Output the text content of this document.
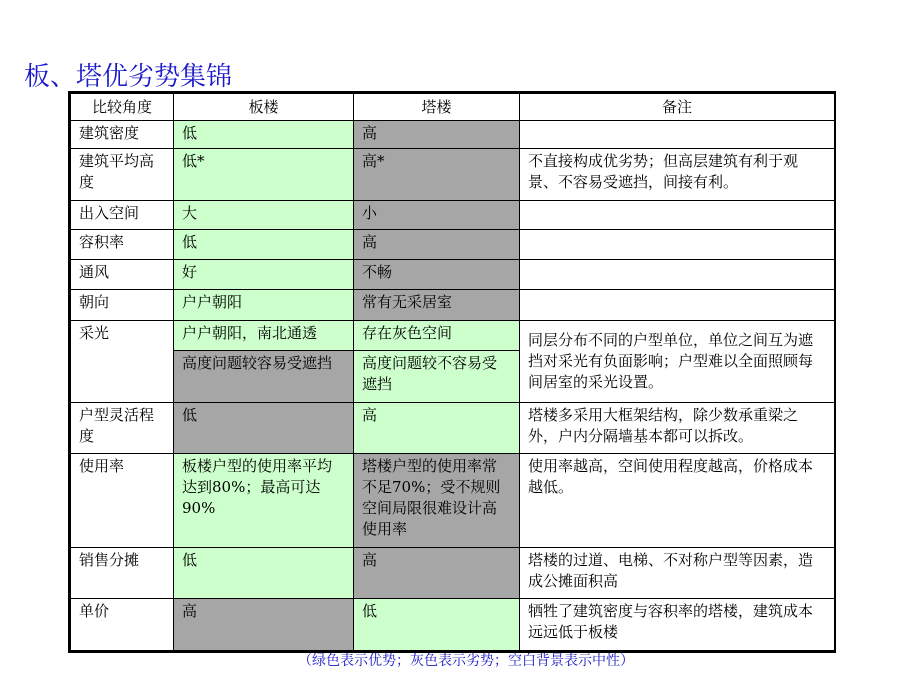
板、塔优劣势集锦
比较角度	板楼	塔楼	备注
建筑密度	低	高	
建筑平均高度	低*	高*	不直接构成优劣势；但高层建筑有利于观景、不容易受遮挡，间接有利。
出入空间	大	小	
容积率	低	高	
通风	好	不畅	
朝向	户户朝阳	常有无采居室	
采光	户户朝阳，南北通透	存在灰色空间	同层分布不同的户型单位，单位之间互为遮挡对采光有负面影响；户型难以全面照顾每间居室的采光设置。
	高度问题较容易受遮挡	高度问题较不容易受遮挡	
户型灵活程度	低	高	塔楼多采用大框架结构，除少数承重梁之外，户内分隔墙基本都可以拆改。
使用率	板楼户型的使用率平均达到80%；最高可达90%	塔楼户型的使用率常不足70%；受不规则空间局限很难设计高使用率	使用率越高，空间使用程度越高，价格成本越低。
销售分摊	低	高	塔楼的过道、电梯、不对称户型等因素，造成公摊面积高
单价	高	低	牺牲了建筑密度与容积率的塔楼，建筑成本远远低于板楼
（绿色表示优势；灰色表示劣势；空白背景表示中性）
